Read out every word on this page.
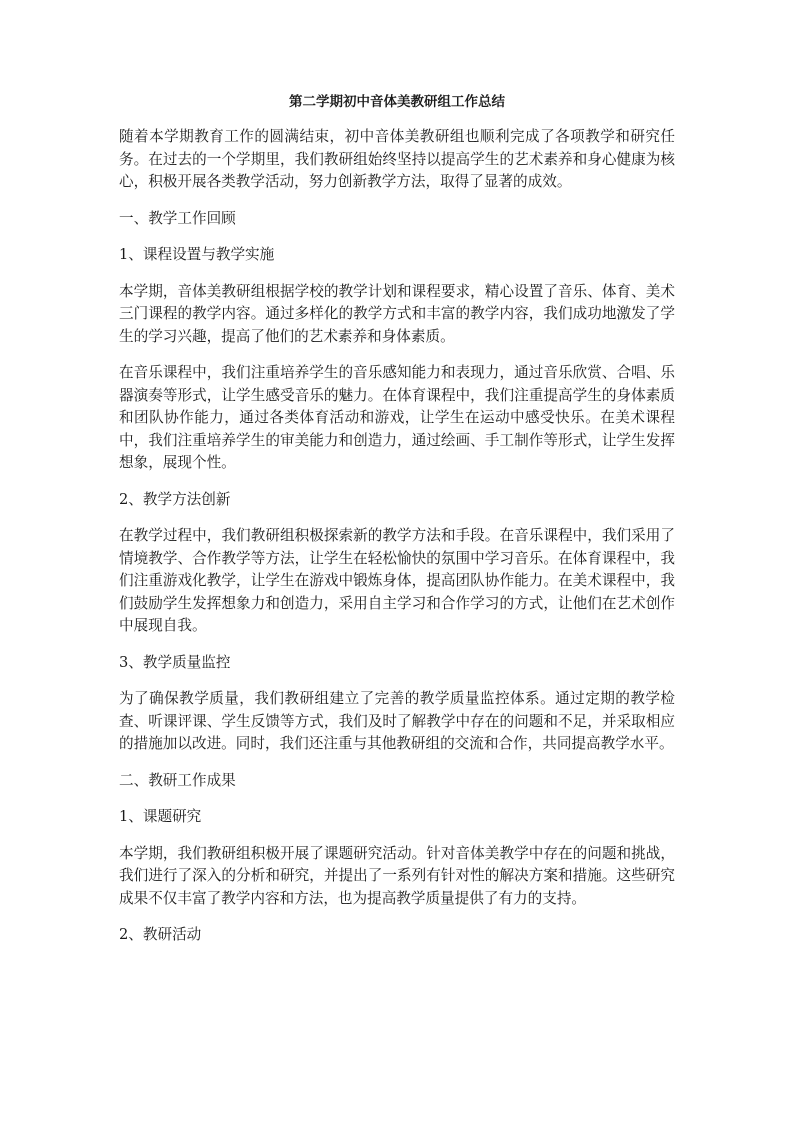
第二学期初中音体美教研组工作总结

随着本学期教育工作的圆满结束，初中音体美教研组也顺利完成了各项教学和研究任务。在过去的一个学期里，我们教研组始终坚持以提高学生的艺术素养和身心健康为核心，积极开展各类教学活动，努力创新教学方法，取得了显著的成效。

一、教学工作回顾

1、课程设置与教学实施

本学期，音体美教研组根据学校的教学计划和课程要求，精心设置了音乐、体育、美术三门课程的教学内容。通过多样化的教学方式和丰富的教学内容，我们成功地激发了学生的学习兴趣，提高了他们的艺术素养和身体素质。

在音乐课程中，我们注重培养学生的音乐感知能力和表现力，通过音乐欣赏、合唱、乐器演奏等形式，让学生感受音乐的魅力。在体育课程中，我们注重提高学生的身体素质和团队协作能力，通过各类体育活动和游戏，让学生在运动中感受快乐。在美术课程中，我们注重培养学生的审美能力和创造力，通过绘画、手工制作等形式，让学生发挥想象，展现个性。

2、教学方法创新

在教学过程中，我们教研组积极探索新的教学方法和手段。在音乐课程中，我们采用了情境教学、合作教学等方法，让学生在轻松愉快的氛围中学习音乐。在体育课程中，我们注重游戏化教学，让学生在游戏中锻炼身体，提高团队协作能力。在美术课程中，我们鼓励学生发挥想象力和创造力，采用自主学习和合作学习的方式，让他们在艺术创作中展现自我。

3、教学质量监控

为了确保教学质量，我们教研组建立了完善的教学质量监控体系。通过定期的教学检查、听课评课、学生反馈等方式，我们及时了解教学中存在的问题和不足，并采取相应的措施加以改进。同时，我们还注重与其他教研组的交流和合作，共同提高教学水平。

二、教研工作成果

1、课题研究

本学期，我们教研组积极开展了课题研究活动。针对音体美教学中存在的问题和挑战，我们进行了深入的分析和研究，并提出了一系列有针对性的解决方案和措施。这些研究成果不仅丰富了教学内容和方法，也为提高教学质量提供了有力的支持。

2、教研活动
